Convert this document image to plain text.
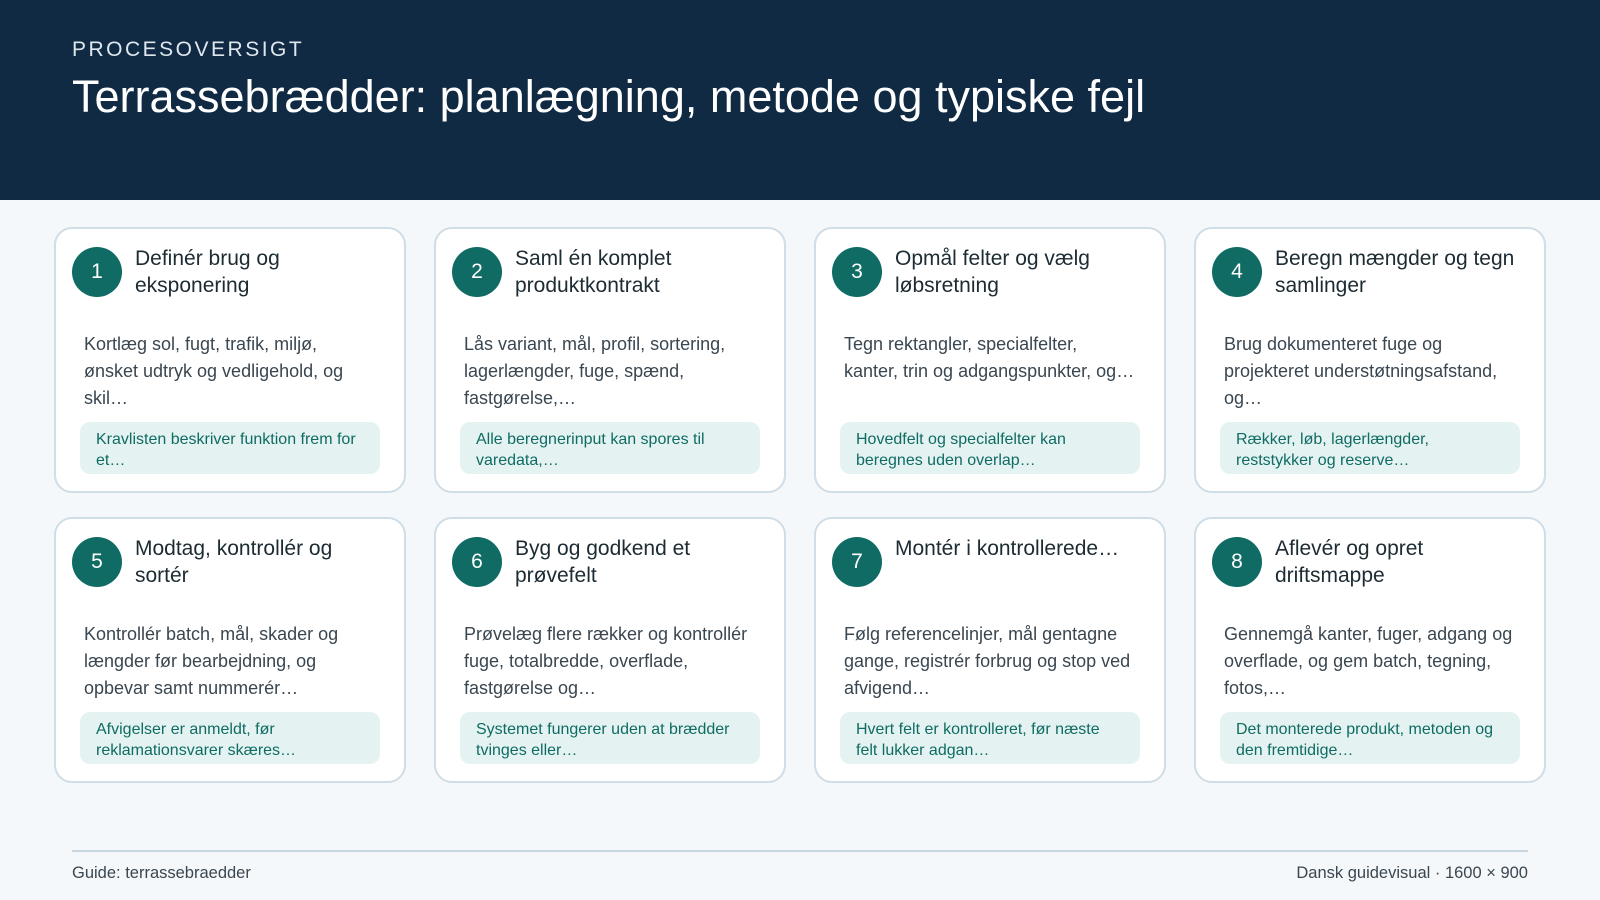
PROCESOVERSIGT
Terrassebrædder: planlægning, metode og typiske fejl
1
Definér brug og eksponering

Kortlæg sol, fugt, trafik, miljø, ønsket udtryk og vedligehold, og skil…

Kravlisten beskriver funktion frem for et…
2
Saml én komplet produktkontrakt

Lås variant, mål, profil, sortering, lagerlængder, fuge, spænd, fastgørelse,…

Alle beregnerinput kan spores til varedata,…
3
Opmål felter og vælg løbsretning

Tegn rektangler, specialfelter, kanter, trin og adgangspunkter, og…

Hovedfelt og specialfelter kan beregnes uden overlap…
4
Beregn mængder og tegn samlinger

Brug dokumenteret fuge og projekteret understøtningsafstand, og…

Rækker, løb, lagerlængder, reststykker og reserve…
5
Modtag, kontrollér og sortér

Kontrollér batch, mål, skader og længder før bearbejdning, og opbevar samt nummerér…

Afvigelser er anmeldt, før reklamationsvarer skæres…
6
Byg og godkend et prøvefelt

Prøvelæg flere rækker og kontrollér fuge, totalbredde, overflade, fastgørelse og…

Systemet fungerer uden at brædder tvinges eller…
7
Montér i kontrollerede…

Følg referencelinjer, mål gentagne gange, registrér forbrug og stop ved afvigend…

Hvert felt er kontrolleret, før næste felt lukker adgan…
8
Aflevér og opret driftsmappe

Gennemgå kanter, fuger, adgang og overflade, og gem batch, tegning, fotos,…

Det monterede produkt, metoden og den fremtidige…
Guide: terrassebraedder	Dansk guidevisual · 1600 × 900
